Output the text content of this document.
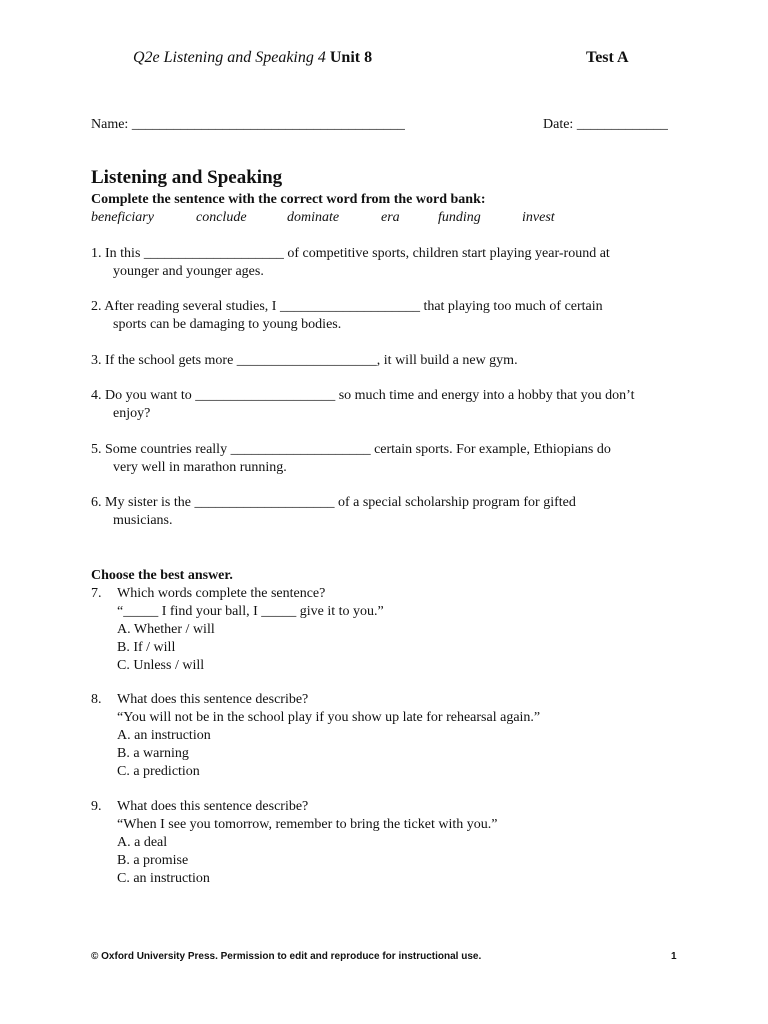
Q2e Listening and Speaking 4 Unit 8	Test A
Name: _______________________________________	Date: _____________
Listening and Speaking
Complete the sentence with the correct word from the word bank:
beneficiary	conclude	dominate	era	funding	invest
1. In this ____________________ of competitive sports, children start playing year-round at
younger and younger ages.
2. After reading several studies, I ____________________ that playing too much of certain
sports can be damaging to young bodies.
3. If the school gets more ____________________, it will build a new gym.
4. Do you want to ____________________ so much time and energy into a hobby that you don’t
enjoy?
5. Some countries really ____________________ certain sports. For example, Ethiopians do
very well in marathon running.
6. My sister is the ____________________ of a special scholarship program for gifted
musicians.
Choose the best answer.
7. Which words complete the sentence?
“_____ I find your ball, I _____ give it to you.”
A. Whether / will
B. If / will
C. Unless / will
8. What does this sentence describe?
“You will not be in the school play if you show up late for rehearsal again.”
A. an instruction
B. a warning
C. a prediction
9. What does this sentence describe?
“When I see you tomorrow, remember to bring the ticket with you.”
A. a deal
B. a promise
C. an instruction
© Oxford University Press. Permission to edit and reproduce for instructional use.	1
